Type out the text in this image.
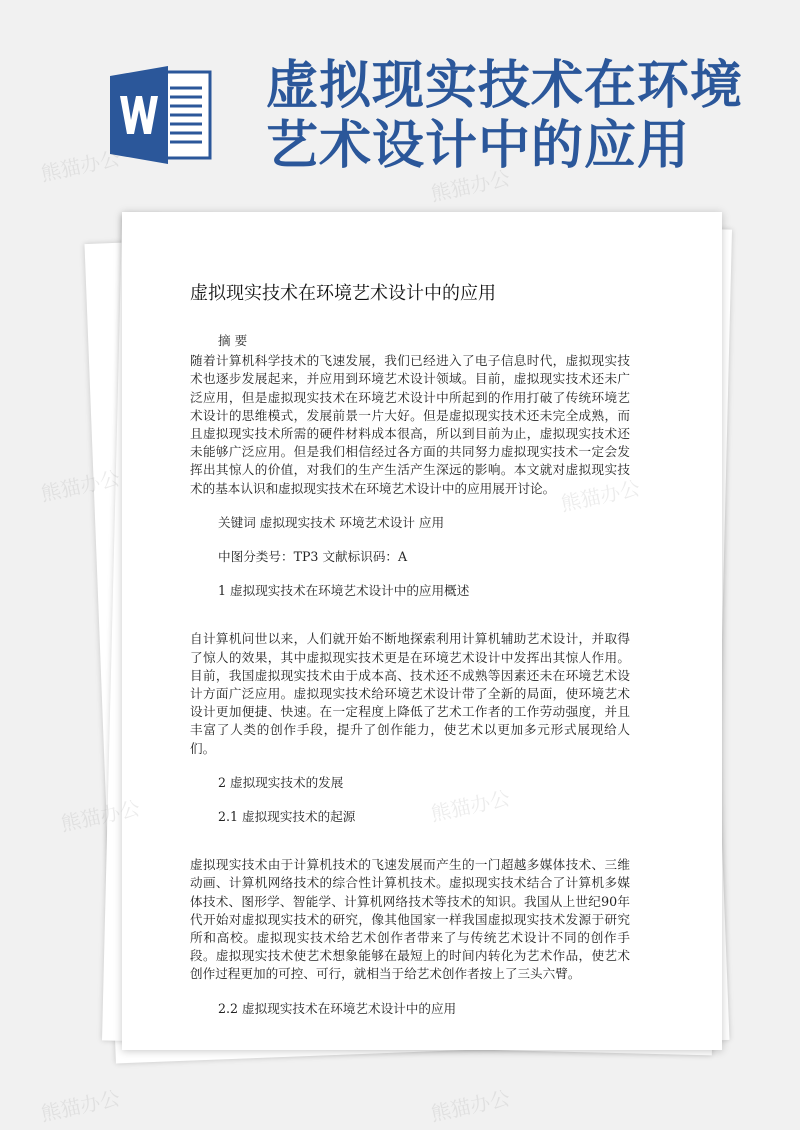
虚拟现实技术在环境艺术设计中的应用
熊猫办公	熊猫办公
熊猫办公
熊猫办公
熊猫办公	熊猫办公
虚拟现实技术在环境艺术设计中的应用
摘 要

随着计算机科学技术的飞速发展，我们已经进入了电子信息时代，虚拟现实技术也逐步发展起来，并应用到环境艺术设计领域。目前，虚拟现实技术还未广泛应用，但是虚拟现实技术在环境艺术设计中所起到的作用打破了传统环境艺术设计的思维模式，发展前景一片大好。但是虚拟现实技术还未完全成熟，而且虚拟现实技术所需的硬件材料成本很高，所以到目前为止，虚拟现实技术还未能够广泛应用。但是我们相信经过各方面的共同努力虚拟现实技术一定会发挥出其惊人的价值，对我们的生产生活产生深远的影响。本文就对虚拟现实技术的基本认识和虚拟现实技术在环境艺术设计中的应用展开讨论。

关键词 虚拟现实技术 环境艺术设计 应用
中图分类号：TP3 文献标识码：A
1 虚拟现实技术在环境艺术设计中的应用概述

自计算机问世以来，人们就开始不断地探索利用计算机辅助艺术设计，并取得了惊人的效果，其中虚拟现实技术更是在环境艺术设计中发挥出其惊人作用。目前，我国虚拟现实技术由于成本高、技术还不成熟等因素还未在环境艺术设计方面广泛应用。虚拟现实技术给环境艺术设计带了全新的局面，使环境艺术设计更加便捷、快速。在一定程度上降低了艺术工作者的工作劳动强度，并且丰富了人类的创作手段，提升了创作能力，使艺术以更加多元形式展现给人们。

2 虚拟现实技术的发展
2.1 虚拟现实技术的起源

虚拟现实技术由于计算机技术的飞速发展而产生的一门超越多媒体技术、三维动画、计算机网络技术的综合性计算机技术。虚拟现实技术结合了计算机多媒体技术、图形学、智能学、计算机网络技术等技术的知识。我国从上世纪90年代开始对虚拟现实技术的研究，像其他国家一样我国虚拟现实技术发源于研究所和高校。虚拟现实技术给艺术创作者带来了与传统艺术设计不同的创作手段。虚拟现实技术使艺术想象能够在最短上的时间内转化为艺术作品，使艺术创作过程更加的可控、可行，就相当于给艺术创作者按上了三头六臂。

2.2 虚拟现实技术在环境艺术设计中的应用
